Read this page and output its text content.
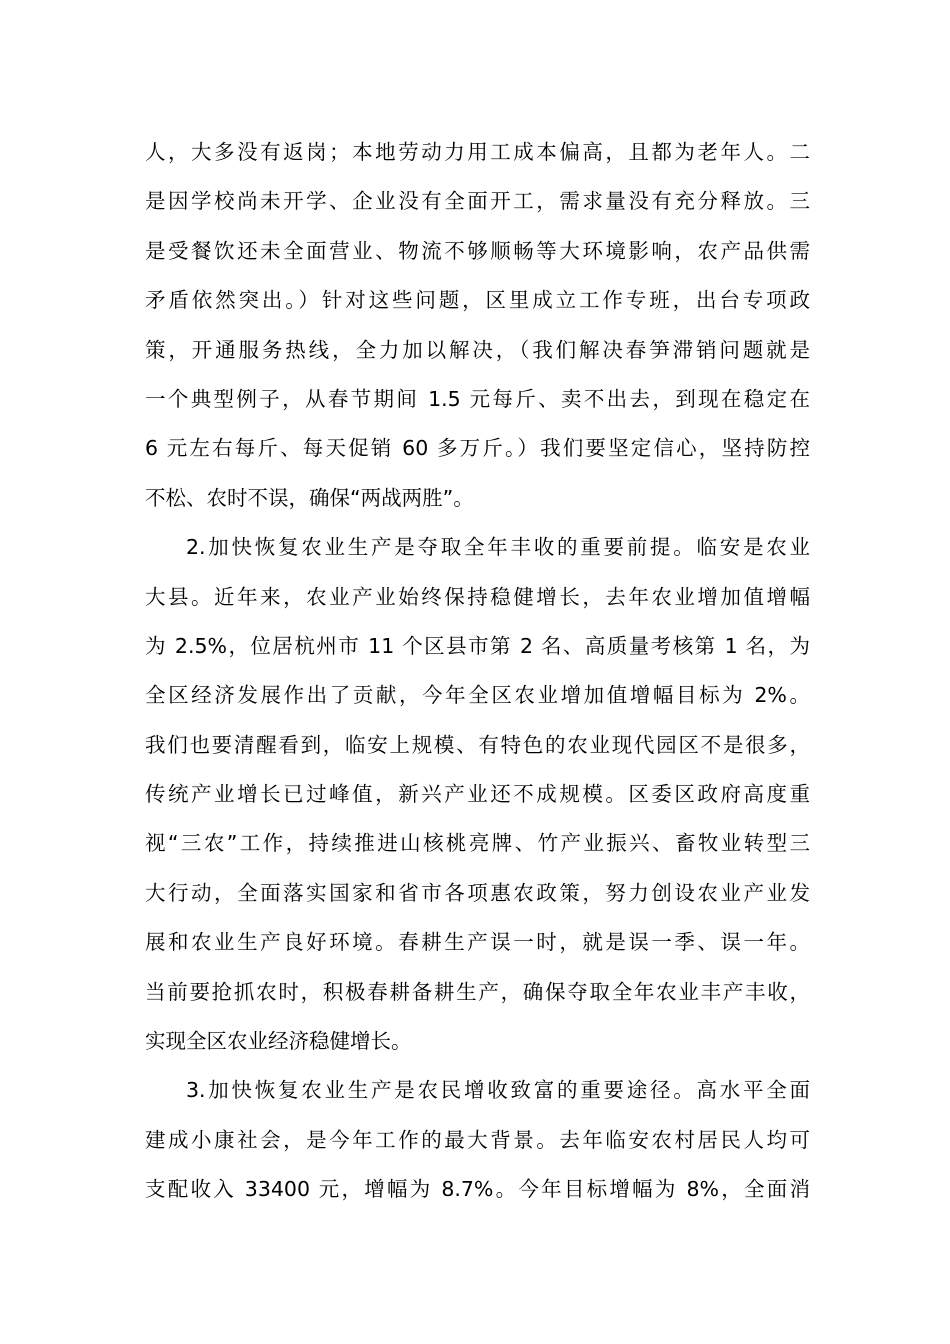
人，大多没有返岗；本地劳动力用工成本偏高，且都为老年人。二
是因学校尚未开学、企业没有全面开工，需求量没有充分释放。三
是受餐饮还未全面营业、物流不够顺畅等大环境影响，农产品供需
矛盾依然突出。）针对这些问题，区里成立工作专班，出台专项政
策，开通服务热线，全力加以解决，（我们解决春笋滞销问题就是
一个典型例子，从春节期间 1.5 元每斤、卖不出去，到现在稳定在
6 元左右每斤、每天促销 60 多万斤。）我们要坚定信心，坚持防控
不松、农时不误，确保“两战两胜”。
2.加快恢复农业生产是夺取全年丰收的重要前提。临安是农业
大县。近年来，农业产业始终保持稳健增长，去年农业增加值增幅
为 2.5%，位居杭州市 11 个区县市第 2 名、高质量考核第 1 名，为
全区经济发展作出了贡献，今年全区农业增加值增幅目标为 2%。
我们也要清醒看到，临安上规模、有特色的农业现代园区不是很多，
传统产业增长已过峰值，新兴产业还不成规模。区委区政府高度重
视“三农”工作，持续推进山核桃亮牌、竹产业振兴、畜牧业转型三
大行动，全面落实国家和省市各项惠农政策，努力创设农业产业发
展和农业生产良好环境。春耕生产误一时，就是误一季、误一年。
当前要抢抓农时，积极春耕备耕生产，确保夺取全年农业丰产丰收，
实现全区农业经济稳健增长。
3.加快恢复农业生产是农民增收致富的重要途径。高水平全面
建成小康社会，是今年工作的最大背景。去年临安农村居民人均可
支配收入 33400 元，增幅为 8.7%。今年目标增幅为 8%，全面消
